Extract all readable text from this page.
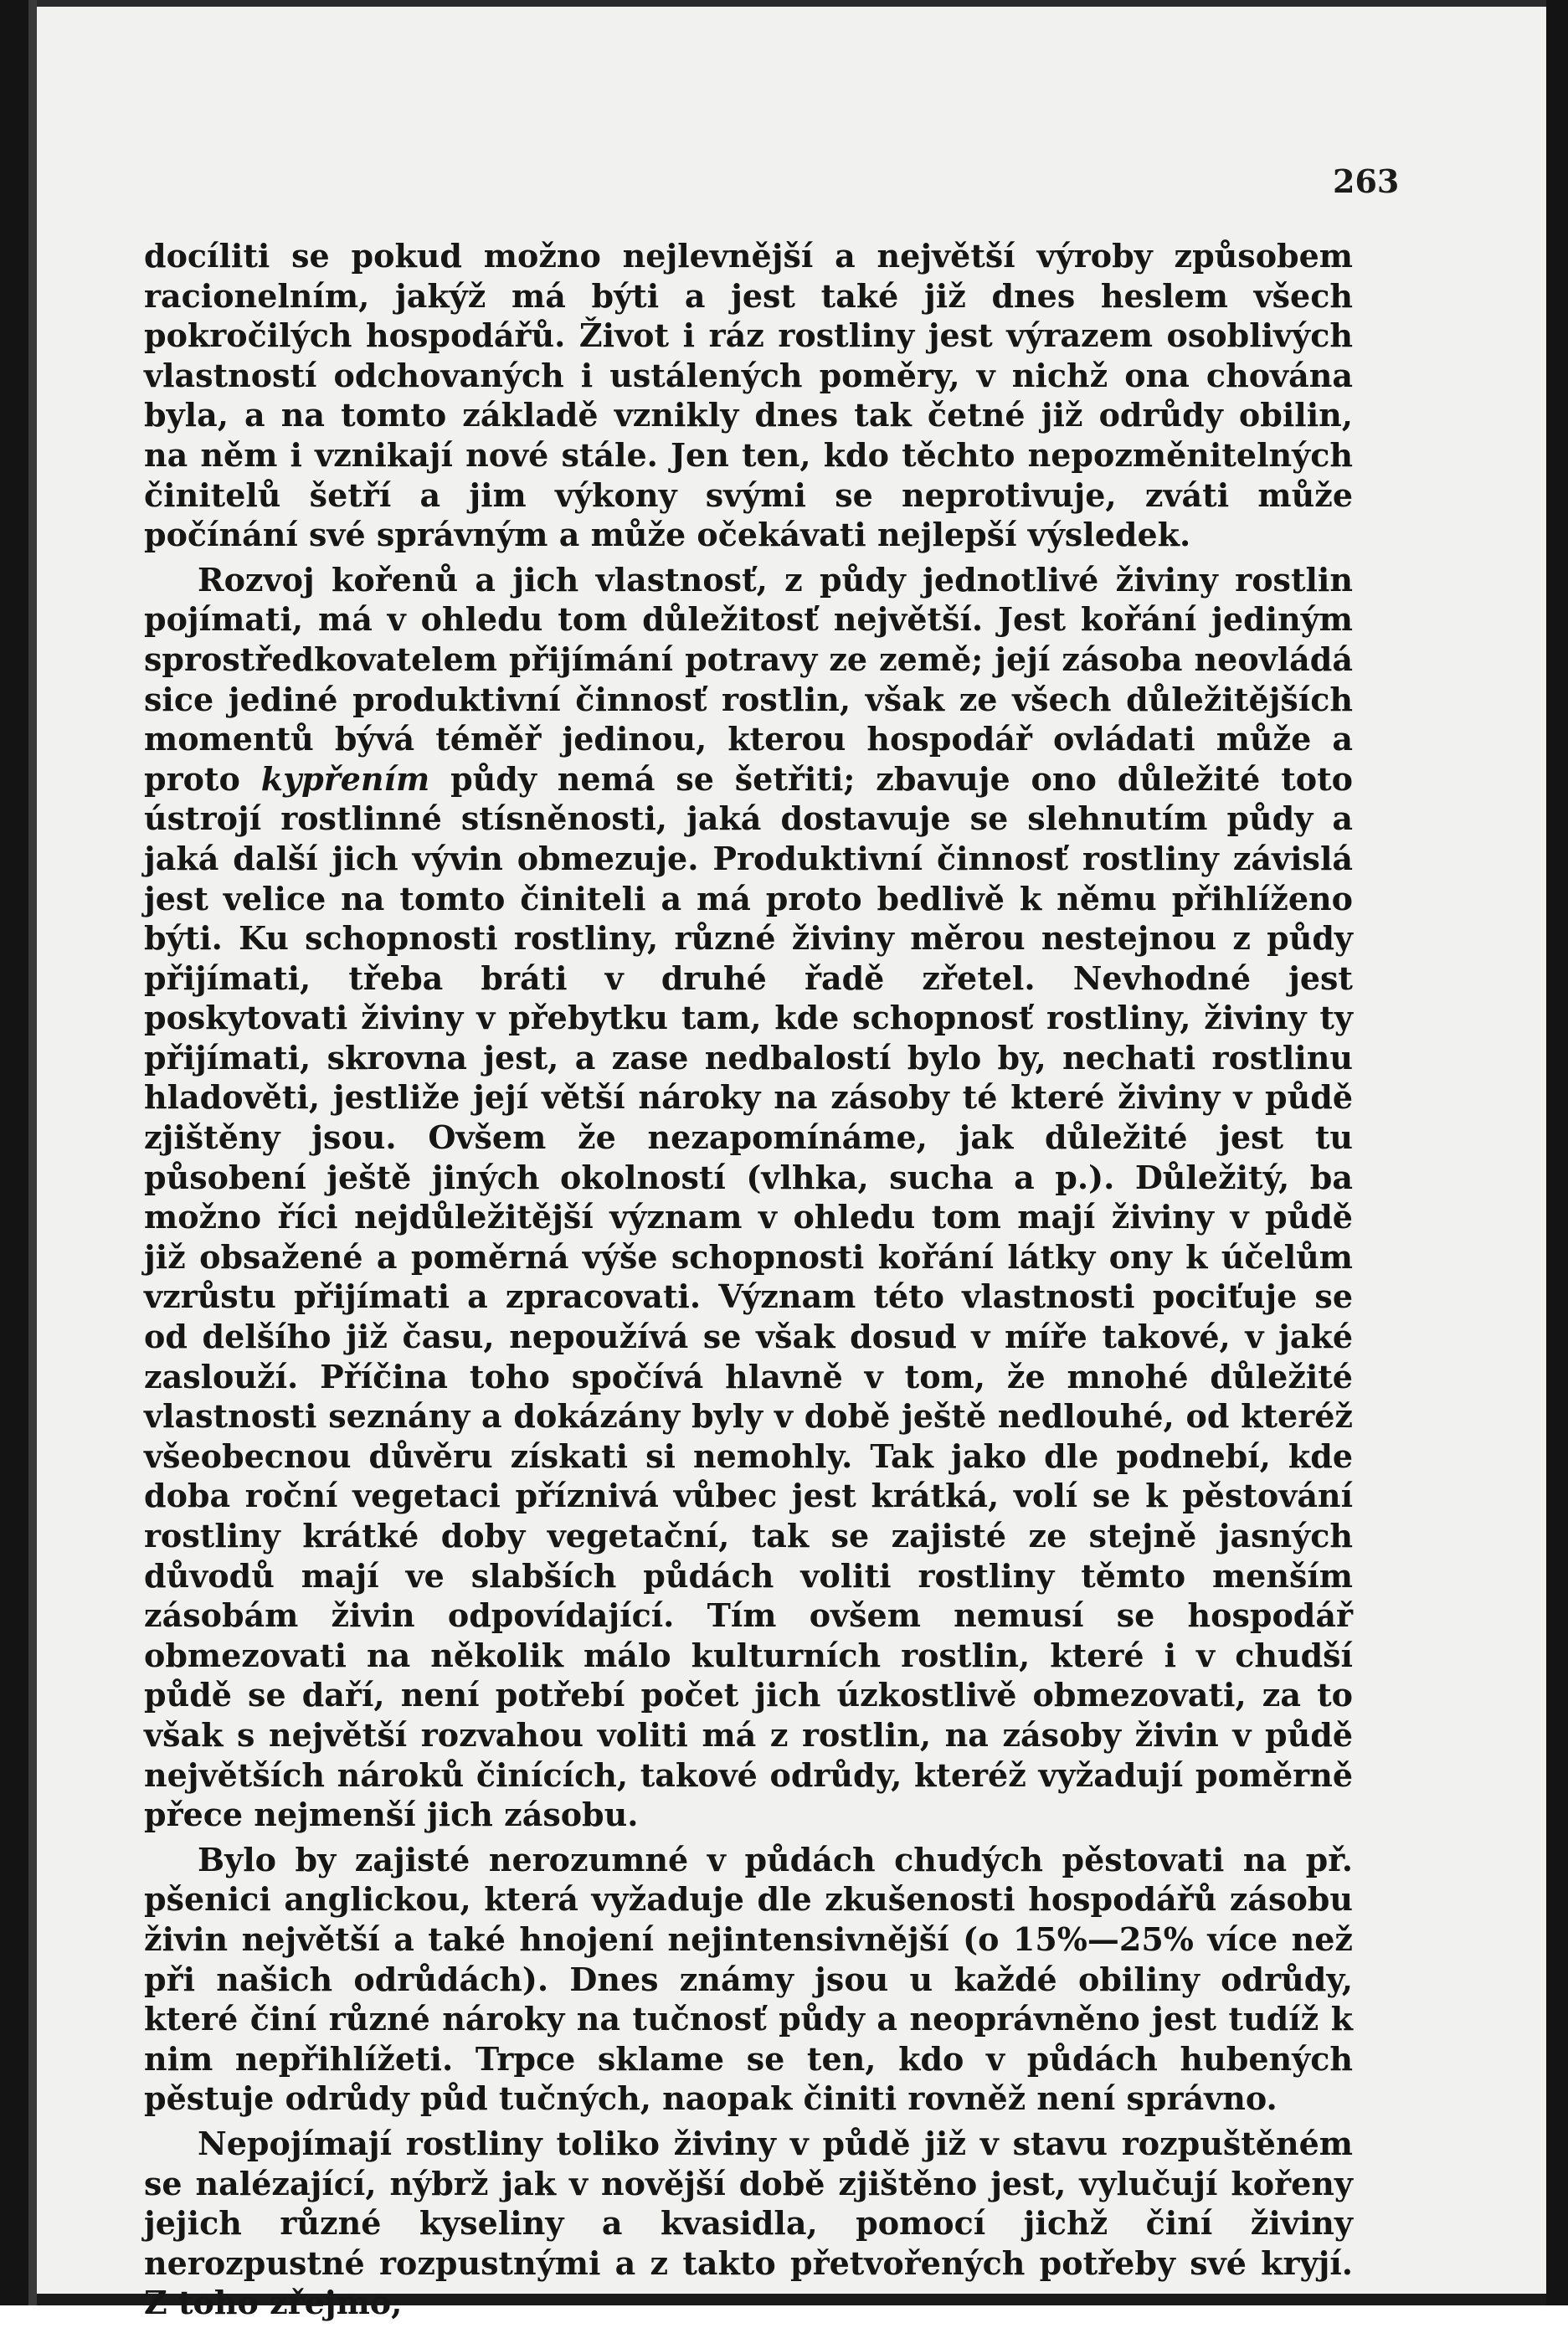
263

docíliti se pokud možno nejlevnější a největší výroby způsobem racionelním, jakýž má býti a jest také již dnes heslem všech pokročilých hospodářů. Život i ráz rostliny jest výrazem osoblivých vlastností odchovaných i ustálených poměry, v nichž ona chována byla, a na tomto základě vznikly dnes tak četné již odrůdy obilin, na něm i vznikají nové stále. Jen ten, kdo těchto nepozměnitelných činitelů šetří a jim výkony svými se neprotivuje, zváti může počínání své správným a může očekávati nejlepší výsledek.

Rozvoj kořenů a jich vlastnosť, z půdy jednotlivé živiny rostlin pojímati, má v ohledu tom důležitosť největší. Jest kořání jediným sprostředkovatelem přijímání potravy ze země; její zásoba neovládá sice jediné produktivní činnosť rostlin, však ze všech důležitějších momentů bývá téměř jedinou, kterou hospodář ovládati může a proto kypřením půdy nemá se šetřiti; zbavuje ono důležité toto ústrojí rostlinné stísněnosti, jaká dostavuje se slehnutím půdy a jaká další jich vývin obmezuje. Produktivní činnosť rostliny závislá jest velice na tomto činiteli a má proto bedlivě k němu přihlíženo býti. Ku schopnosti rostliny, různé živiny měrou nestejnou z půdy přijímati, třeba bráti v druhé řadě zřetel. Nevhodné jest poskytovati živiny v přebytku tam, kde schopnosť rostliny, živiny ty přijímati, skrovna jest, a zase nedbalostí bylo by, nechati rostlinu hladověti, jestliže její větší nároky na zásoby té které živiny v půdě zjištěny jsou. Ovšem že nezapomínáme, jak důležité jest tu působení ještě jiných okolností (vlhka, sucha a p.). Důležitý, ba možno říci nejdůležitější význam v ohledu tom mají živiny v půdě již obsažené a poměrná výše schopnosti kořání látky ony k účelům vzrůstu přijímati a zpracovati. Význam této vlastnosti pociťuje se od delšího již času, nepoužívá se však dosud v míře takové, v jaké zaslouží. Příčina toho spočívá hlavně v tom, že mnohé důležité vlastnosti seznány a dokázány byly v době ještě nedlouhé, od kteréž všeobecnou důvěru získati si nemohly. Tak jako dle podnebí, kde doba roční vegetaci příznivá vůbec jest krátká, volí se k pěstování rostliny krátké doby vegetační, tak se zajisté ze stejně jasných důvodů mají ve slabších půdách voliti rostliny těmto menším zásobám živin odpovídající. Tím ovšem nemusí se hospodář obmezovati na několik málo kulturních rostlin, které i v chudší půdě se daří, není potřebí počet jich úzkostlivě obmezovati, za to však s největší rozvahou voliti má z rostlin, na zásoby živin v půdě největších nároků činících, takové odrůdy, kteréž vyžadují poměrně přece nejmenší jich zásobu.

Bylo by zajisté nerozumné v půdách chudých pěstovati na př. pšenici anglickou, která vyžaduje dle zkušenosti hospodářů zásobu živin největší a také hnojení nejintensivnější (o 15%—25% více než při našich odrůdách). Dnes známy jsou u každé obiliny odrůdy, které činí různé nároky na tučnosť půdy a neoprávněno jest tudíž k nim nepřihlížeti. Trpce sklame se ten, kdo v půdách hubených pěstuje odrůdy půd tučných, naopak činiti rovněž není správno.

Nepojímají rostliny toliko živiny v půdě již v stavu rozpuštěném se nalézající, nýbrž jak v novější době zjištěno jest, vylučují kořeny jejich různé kyseliny a kvasidla, pomocí jichž činí živiny nerozpustné rozpustnými a z takto přetvořených potřeby své kryjí. Z toho zřejmo,
